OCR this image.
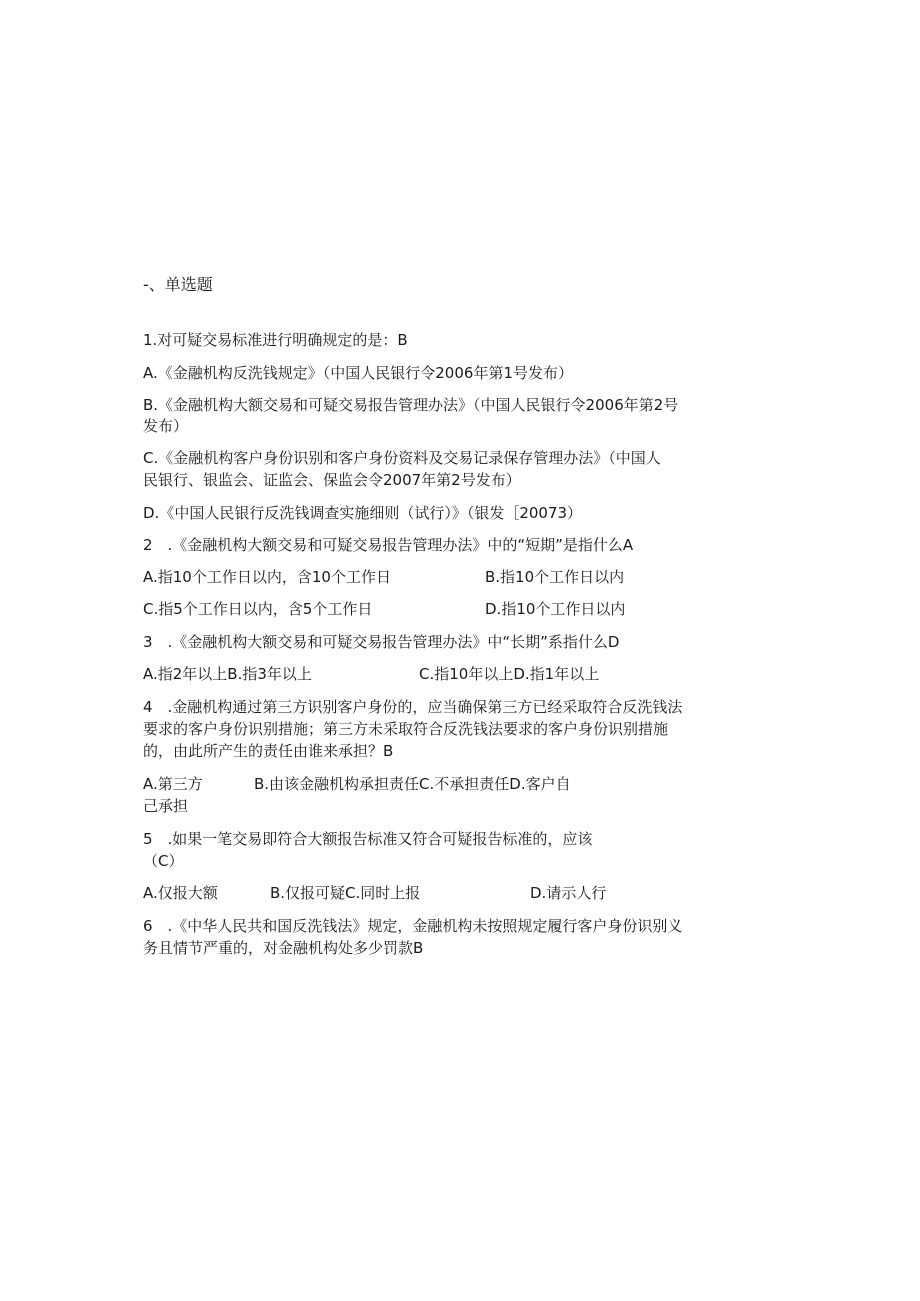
-、单选题
1.对可疑交易标准进行明确规定的是：B
A.《金融机构反洗钱规定》（中国人民银行令2006年第1号发布）
B.《金融机构大额交易和可疑交易报告管理办法》（中国人民银行令2006年第2号
发布）
C.《金融机构客户身份识别和客户身份资料及交易记录保存管理办法》（中国人
民银行、银监会、证监会、保监会令2007年第2号发布）
D.《中国人民银行反洗钱调查实施细则（试行）》（银发［20073）
2　.《金融机构大额交易和可疑交易报告管理办法》中的“短期”是指什么A
A.指10个工作日以内，含10个工作日	B.指10个工作日以内
C.指5个工作日以内，含5个工作日	D.指10个工作日以内
3　.《金融机构大额交易和可疑交易报告管理办法》中“长期”系指什么D
A.指2年以上B.指3年以上	C.指10年以上D.指1年以上
4　.金融机构通过第三方识别客户身份的，应当确保第三方已经采取符合反洗钱法
要求的客户身份识别措施；第三方未采取符合反洗钱法要求的客户身份识别措施
的，由此所产生的责任由谁来承担？B
A.第三方	B.由该金融机构承担责任C.不承担责任D.客户自
己承担
5　.如果一笔交易即符合大额报告标准又符合可疑报告标准的，应该
（C）
A.仅报大额	B.仅报可疑C.同时上报	D.请示人行
6　.《中华人民共和国反洗钱法》规定，金融机构未按照规定履行客户身份识别义
务且情节严重的，对金融机构处多少罚款B
